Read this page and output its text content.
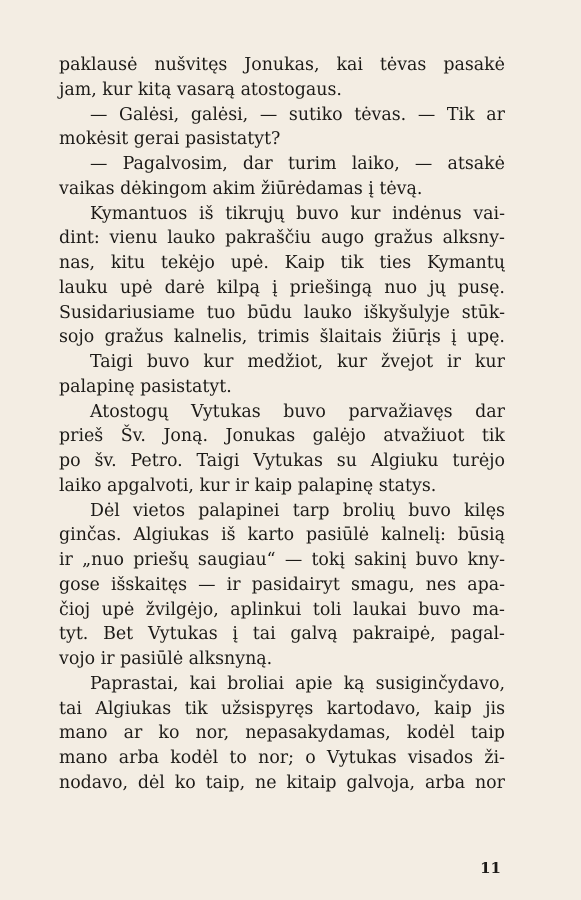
paklausė nušvitęs Jonukas, kai tėvas pasakė
jam, kur kitą vasarą atostogaus.
— Galėsi, galėsi, — sutiko tėvas. — Tik ar
mokėsit gerai pasistatyt?
— Pagalvosim, dar turim laiko, — atsakė
vaikas dėkingom akim žiūrėdamas į tėvą.
Kymantuos iš tikrųjų buvo kur indėnus vai-
dint: vienu lauko pakraščiu augo gražus alksny-
nas, kitu tekėjo upė. Kaip tik ties Kymantų
lauku upė darė kilpą į priešingą nuo jų pusę.
Susidariusiame tuo būdu lauko iškyšulyje stūk-
sojo gražus kalnelis, trimis šlaitais žiūrįs į upę.
Taigi buvo kur medžiot, kur žvejot ir kur
palapinę pasistatyt.
Atostogų Vytukas buvo parvažiavęs dar
prieš Šv. Joną. Jonukas galėjo atvažiuot tik
po šv. Petro. Taigi Vytukas su Algiuku turėjo
laiko apgalvoti, kur ir kaip palapinę statys.
Dėl vietos palapinei tarp brolių buvo kilęs
ginčas. Algiukas iš karto pasiūlė kalnelį: būsią
ir „nuo priešų saugiau“ — tokį sakinį buvo kny-
gose išskaitęs — ir pasidairyt smagu, nes apa-
čioj upė žvilgėjo, aplinkui toli laukai buvo ma-
tyt. Bet Vytukas į tai galvą pakraipė, pagal-
vojo ir pasiūlė alksnyną.
Paprastai, kai broliai apie ką susiginčydavo,
tai Algiukas tik užsispyręs kartodavo, kaip jis
mano ar ko nor, nepasakydamas, kodėl taip
mano arba kodėl to nor; o Vytukas visados ži-
nodavo, dėl ko taip, ne kitaip galvoja, arba nor
11
